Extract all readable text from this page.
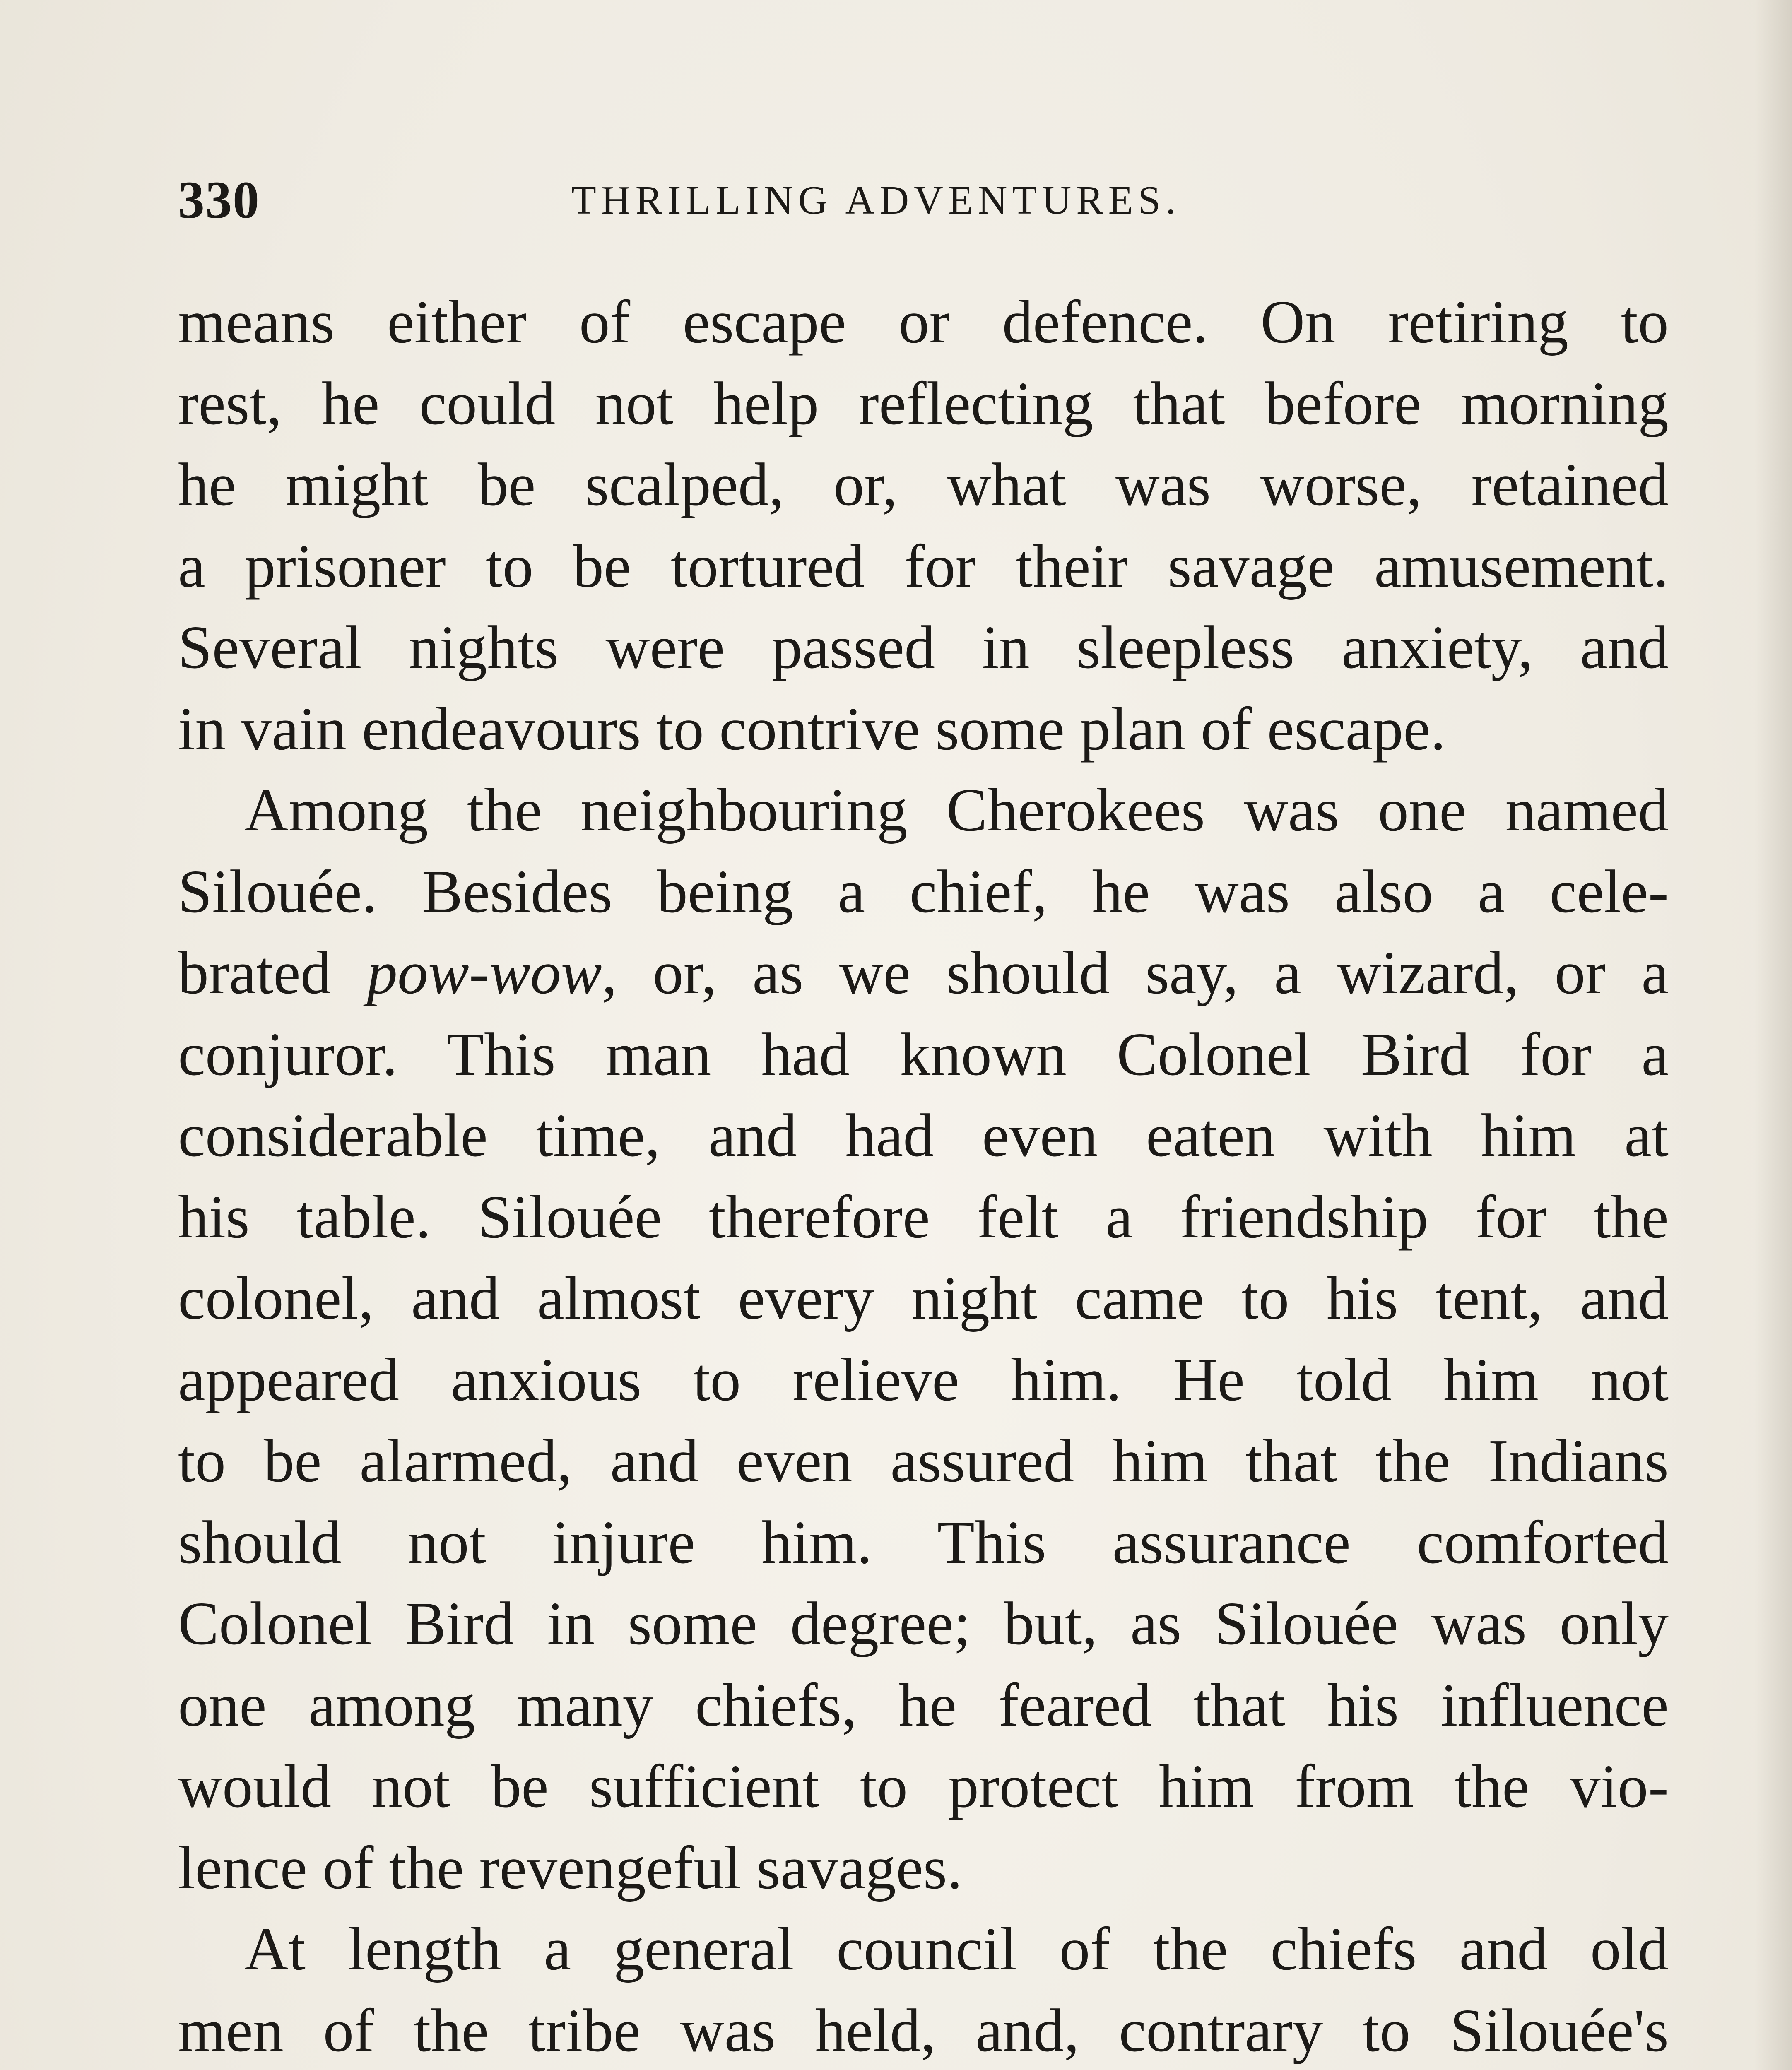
330	THRILLING ADVENTURES.
means either of escape or defence. On retiring to
rest, he could not help reflecting that before morning
he might be scalped, or, what was worse, retained
a prisoner to be tortured for their savage amusement.
Several nights were passed in sleepless anxiety, and
in vain endeavours to contrive some plan of escape.
Among the neighbouring Cherokees was one named
Silouée. Besides being a chief, he was also a cele-
brated pow-wow, or, as we should say, a wizard, or a
conjuror. This man had known Colonel Bird for a
considerable time, and had even eaten with him at
his table. Silouée therefore felt a friendship for the
colonel, and almost every night came to his tent, and
appeared anxious to relieve him. He told him not
to be alarmed, and even assured him that the Indians
should not injure him. This assurance comforted
Colonel Bird in some degree; but, as Silouée was only
one among many chiefs, he feared that his influence
would not be sufficient to protect him from the vio-
lence of the revengeful savages.
At length a general council of the chiefs and old
men of the tribe was held, and, contrary to Silouée's
